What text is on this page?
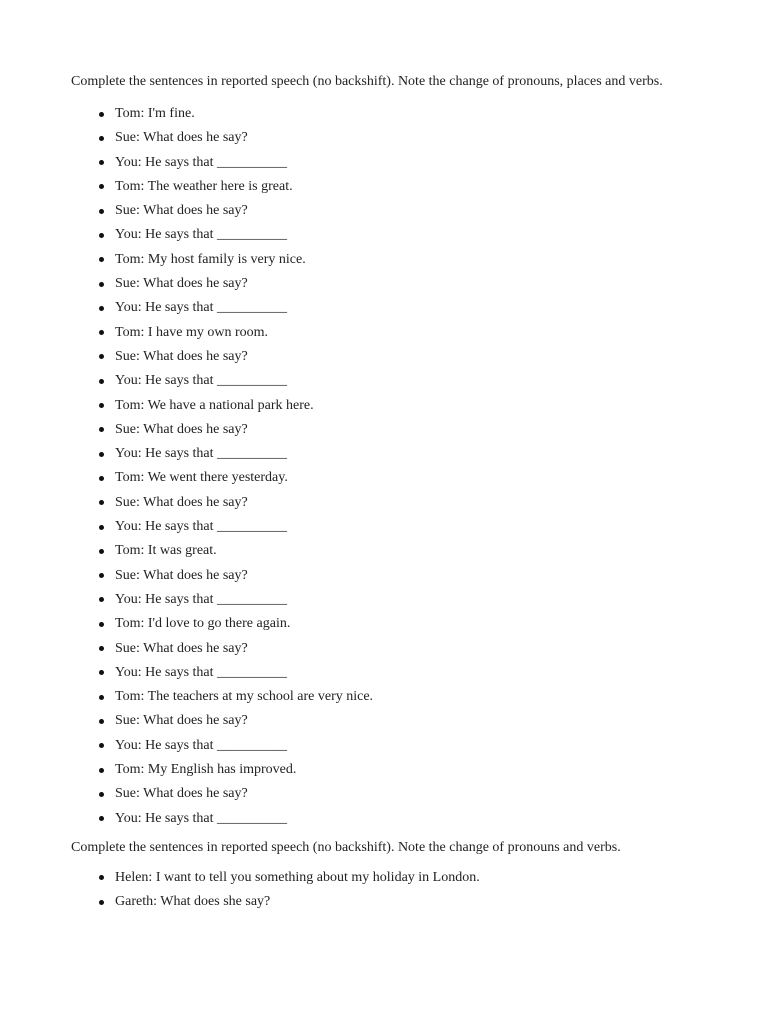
Complete the sentences in reported speech (no backshift). Note the change of pronouns, places and verbs.

Tom: I'm fine.
Sue: What does he say?
You: He says that __________
Tom: The weather here is great.
Sue: What does he say?
You: He says that __________
Tom: My host family is very nice.
Sue: What does he say?
You: He says that __________
Tom: I have my own room.
Sue: What does he say?
You: He says that __________
Tom: We have a national park here.
Sue: What does he say?
You: He says that __________
Tom: We went there yesterday.
Sue: What does he say?
You: He says that __________
Tom: It was great.
Sue: What does he say?
You: He says that __________
Tom: I'd love to go there again.
Sue: What does he say?
You: He says that __________
Tom: The teachers at my school are very nice.
Sue: What does he say?
You: He says that __________
Tom: My English has improved.
Sue: What does he say?
You: He says that __________

Complete the sentences in reported speech (no backshift). Note the change of pronouns and verbs.

Helen: I want to tell you something about my holiday in London.
Gareth: What does she say?
